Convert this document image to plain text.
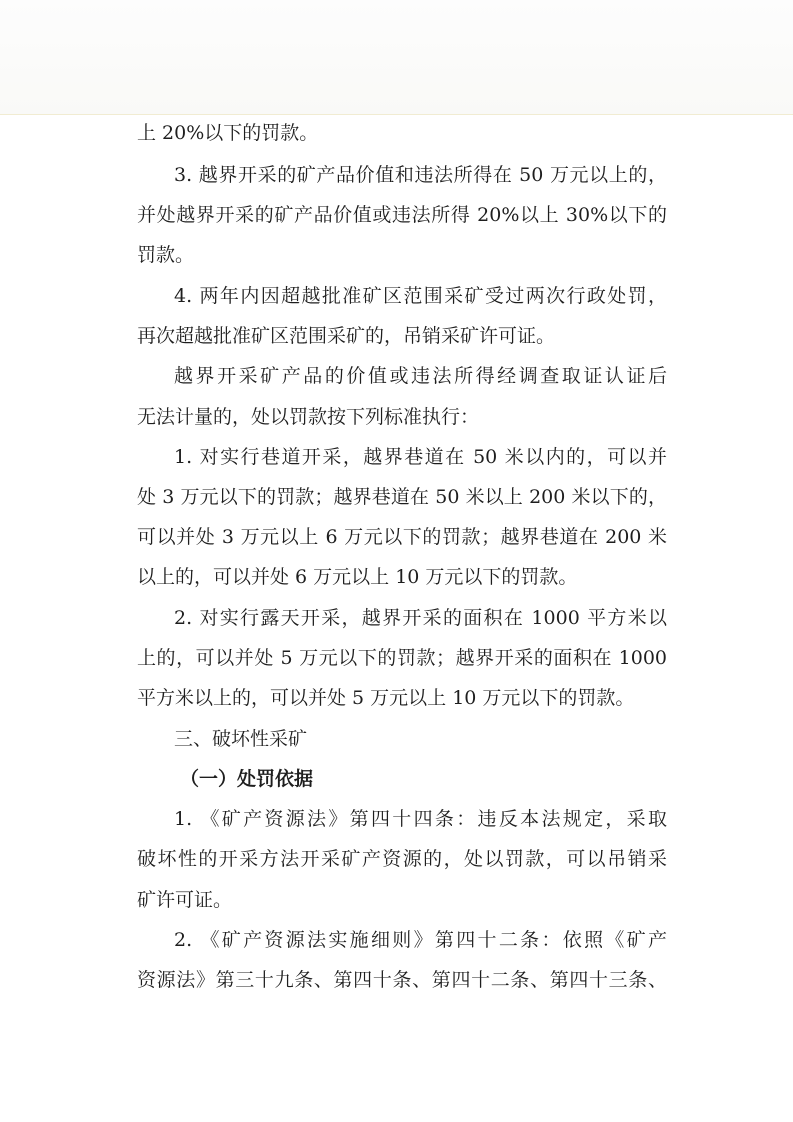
上 20%以下的罚款。

3. 越界开采的矿产品价值和违法所得在 50 万元以上的，

并处越界开采的矿产品价值或违法所得 20%以上 30%以下的

罚款。

4. 两年内因超越批准矿区范围采矿受过两次行政处罚，

再次超越批准矿区范围采矿的，吊销采矿许可证。

越界开采矿产品的价值或违法所得经调查取证认证后

无法计量的，处以罚款按下列标准执行：

1. 对实行巷道开采，越界巷道在 50 米以内的，可以并

处 3 万元以下的罚款；越界巷道在 50 米以上 200 米以下的，

可以并处 3 万元以上 6 万元以下的罚款；越界巷道在 200 米

以上的，可以并处 6 万元以上 10 万元以下的罚款。

2. 对实行露天开采，越界开采的面积在 1000 平方米以

上的，可以并处 5 万元以下的罚款；越界开采的面积在 1000

平方米以上的，可以并处 5 万元以上 10 万元以下的罚款。

三、破坏性采矿

（一）处罚依据

1. 《矿产资源法》第四十四条：违反本法规定，采取

破坏性的开采方法开采矿产资源的，处以罚款，可以吊销采

矿许可证。

2. 《矿产资源法实施细则》第四十二条：依照《矿产

资源法》第三十九条、第四十条、第四十二条、第四十三条、
